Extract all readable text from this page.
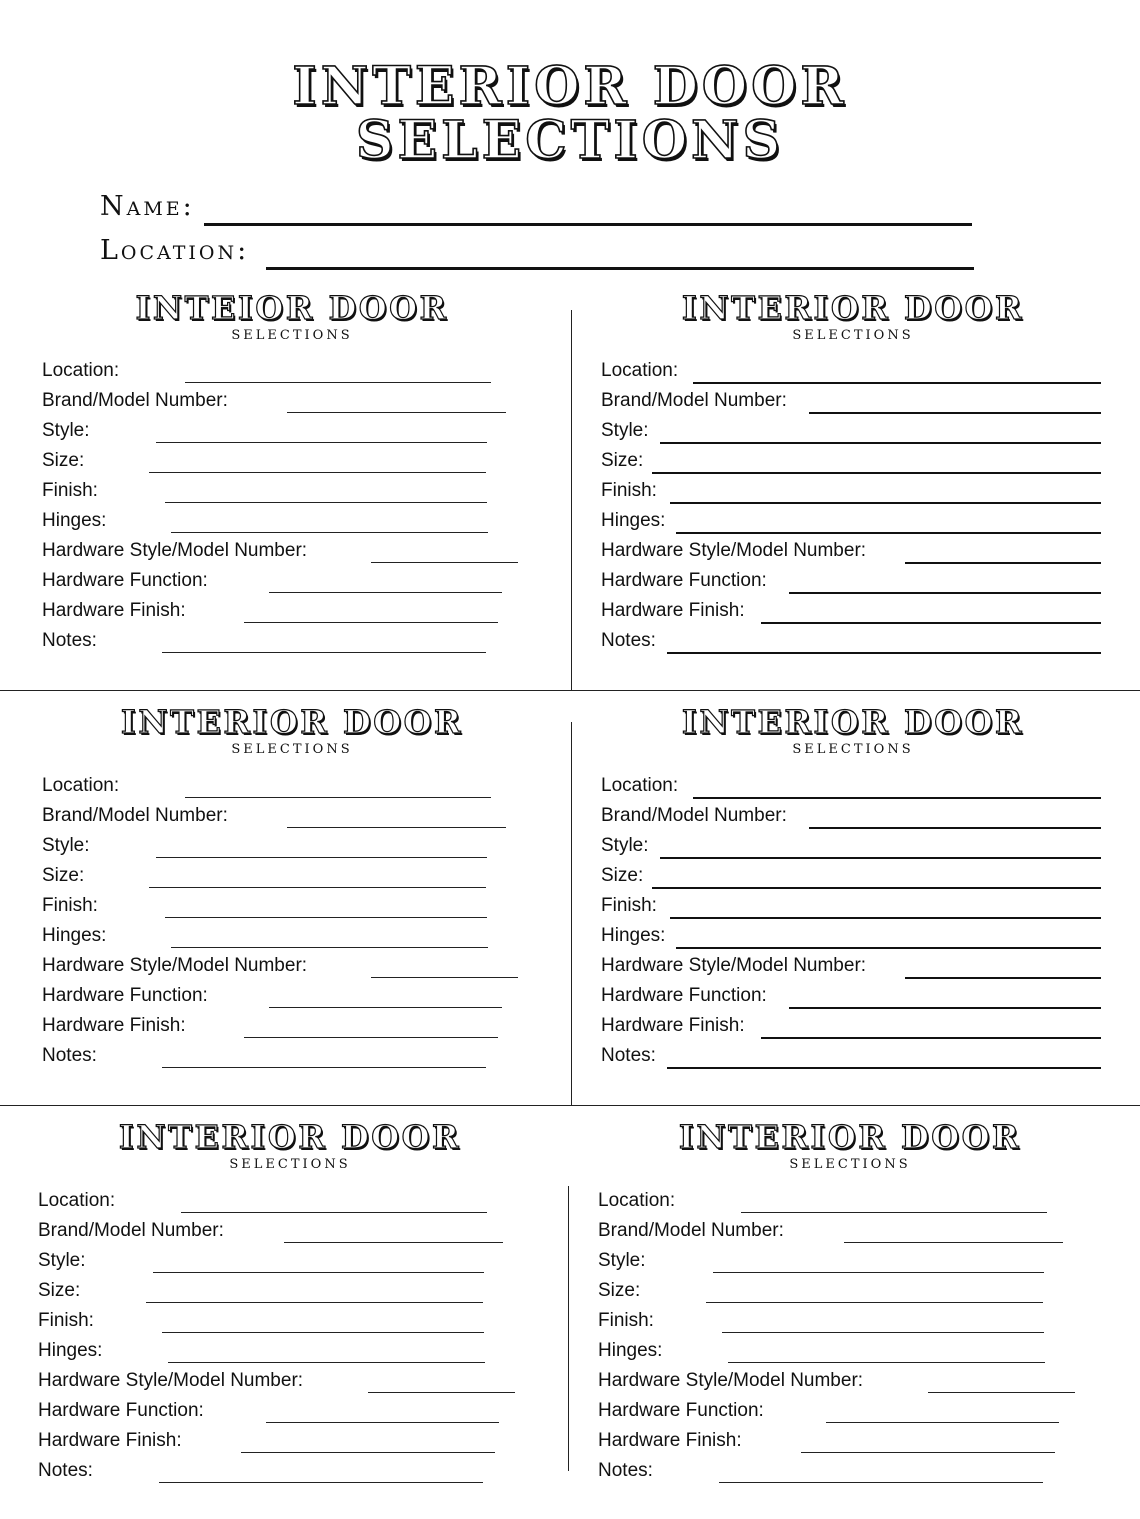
INTERIOR DOOR
SELECTIONS
Name:
Location:
INTEIOR DOOR
SELECTIONS
Location:
Brand/Model Number:
Style:
Size:
Finish:
Hinges:
Hardware Style/Model Number:
Hardware Function:
Hardware Finish:
Notes:
INTERIOR DOOR
SELECTIONS
Location:
Brand/Model Number:
Style:
Size:
Finish:
Hinges:
Hardware Style/Model Number:
Hardware Function:
Hardware Finish:
Notes:
INTERIOR DOOR
SELECTIONS
Location:
Brand/Model Number:
Style:
Size:
Finish:
Hinges:
Hardware Style/Model Number:
Hardware Function:
Hardware Finish:
Notes:
INTERIOR DOOR
SELECTIONS
Location:
Brand/Model Number:
Style:
Size:
Finish:
Hinges:
Hardware Style/Model Number:
Hardware Function:
Hardware Finish:
Notes:
INTERIOR DOOR
SELECTIONS
Location:
Brand/Model Number:
Style:
Size:
Finish:
Hinges:
Hardware Style/Model Number:
Hardware Function:
Hardware Finish:
Notes:
INTERIOR DOOR
SELECTIONS
Location:
Brand/Model Number:
Style:
Size:
Finish:
Hinges:
Hardware Style/Model Number:
Hardware Function:
Hardware Finish:
Notes:
